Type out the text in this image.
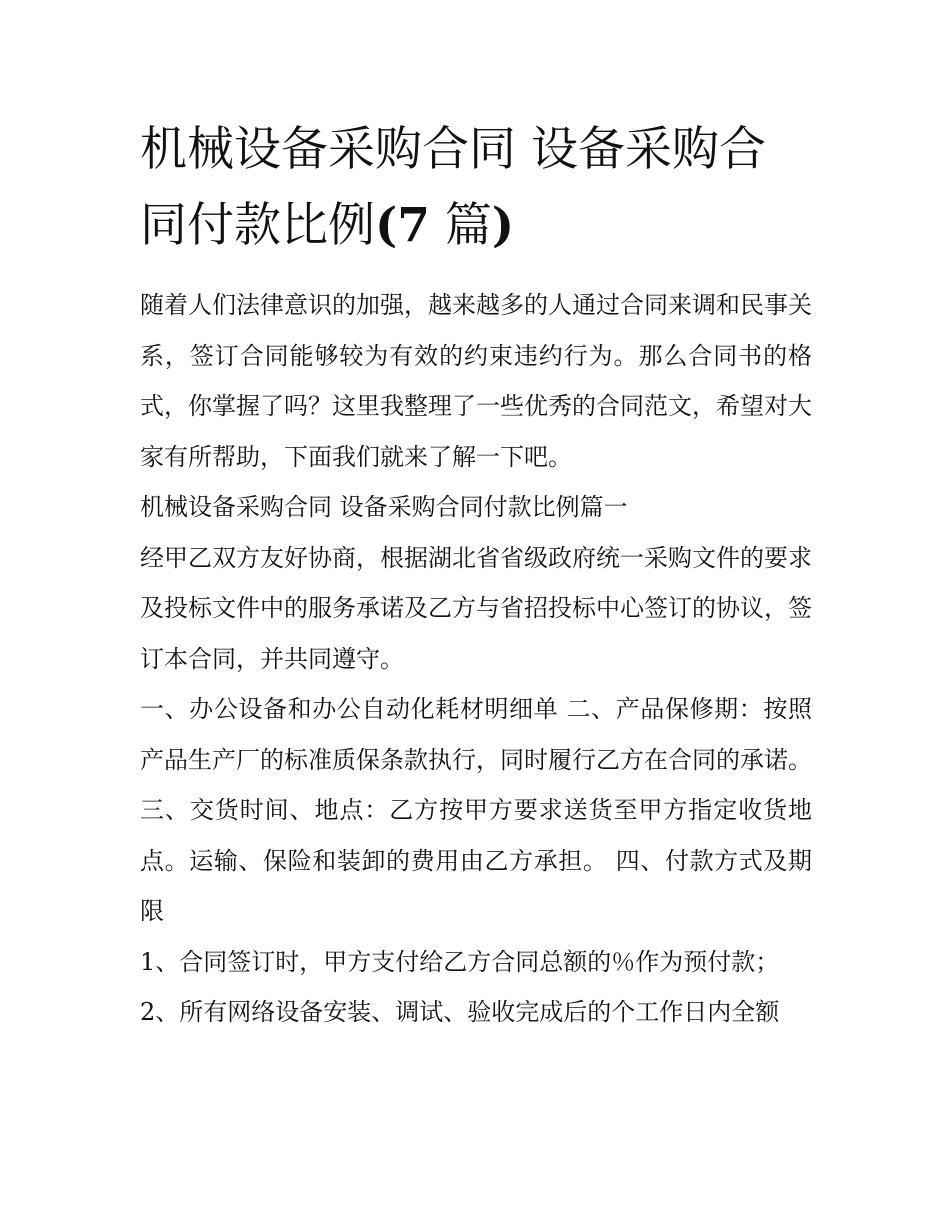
机械设备采购合同 设备采购合同付款比例(7 篇)

随着人们法律意识的加强，越来越多的人通过合同来调和民事关系，签订合同能够较为有效的约束违约行为。那么合同书的格式，你掌握了吗？这里我整理了一些优秀的合同范文，希望对大家有所帮助，下面我们就来了解一下吧。

机械设备采购合同 设备采购合同付款比例篇一

经甲乙双方友好协商，根据湖北省省级政府统一采购文件的要求及投标文件中的服务承诺及乙方与省招投标中心签订的协议，签订本合同，并共同遵守。

一、办公设备和办公自动化耗材明细单 二、产品保修期：按照产品生产厂的标准质保条款执行，同时履行乙方在合同的承诺。

三、交货时间、地点：乙方按甲方要求送货至甲方指定收货地点。运输、保险和装卸的费用由乙方承担。 四、付款方式及期限

1、合同签订时，甲方支付给乙方合同总额的％作为预付款；

2、所有网络设备安装、调试、验收完成后的个工作日内全额
